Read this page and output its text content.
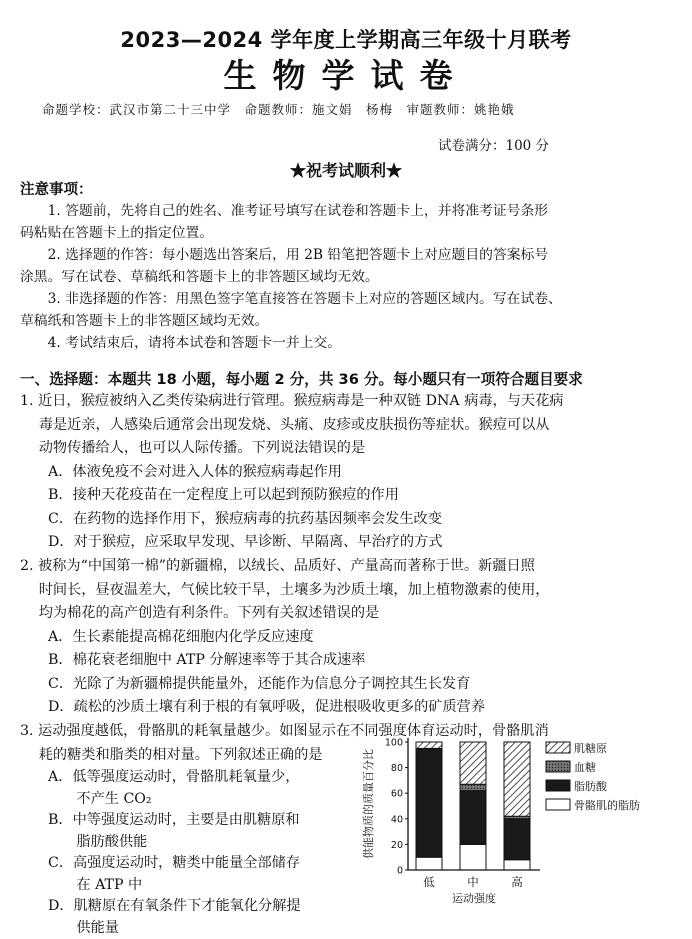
2023—2024 学年度上学期高三年级十月联考
生物学试卷
命题学校：武汉市第二十三中学　命题教师：施文娟　杨梅　审题教师：姚艳娥
试卷满分：100 分
★祝考试顺利★
注意事项：
　　1. 答题前，先将自己的姓名、准考证号填写在试卷和答题卡上，并将准考证号条形
码粘贴在答题卡上的指定位置。
　　2. 选择题的作答：每小题选出答案后，用 2B 铅笔把答题卡上对应题目的答案标号
涂黑。写在试卷、草稿纸和答题卡上的非答题区域均无效。
　　3. 非选择题的作答：用黑色签字笔直接答在答题卡上对应的答题区域内。写在试卷、
草稿纸和答题卡上的非答题区域均无效。
　　4. 考试结束后，请将本试卷和答题卡一并上交。
一、选择题：本题共 18 小题，每小题 2 分，共 36 分。每小题只有一项符合题目要求
1. 近日，猴痘被纳入乙类传染病进行管理。猴痘病毒是一种双链 DNA 病毒，与天花病
　 毒是近亲，人感染后通常会出现发烧、头痛、皮疹或皮肤损伤等症状。猴痘可以从
　 动物传播给人，也可以人际传播。下列说法错误的是
A．体液免疫不会对进入人体的猴痘病毒起作用
B．接种天花疫苗在一定程度上可以起到预防猴痘的作用
C．在药物的选择作用下，猴痘病毒的抗药基因频率会发生改变
D．对于猴痘，应采取早发现、早诊断、早隔离、早治疗的方式
2. 被称为“中国第一棉”的新疆棉，以绒长、品质好、产量高而著称于世。新疆日照
　 时间长，昼夜温差大，气候比较干旱，土壤多为沙质土壤，加上植物激素的使用，
　 均为棉花的高产创造有利条件。下列有关叙述错误的是
A．生长素能提高棉花细胞内化学反应速度
B．棉花衰老细胞中 ATP 分解速率等于其合成速率
C．光除了为新疆棉提供能量外，还能作为信息分子调控其生长发育
D．疏松的沙质土壤有利于根的有氧呼吸，促进根吸收更多的矿质营养
3. 运动强度越低，骨骼肌的耗氧量越少。如图显示在不同强度体育运动时，骨骼肌消
　 耗的糖类和脂类的相对量。下列叙述正确的是
A．低等强度运动时，骨骼肌耗氧量少，
　　不产生 CO₂
B．中等强度运动时，主要是由肌糖原和
　　脂肪酸供能
C．高强度运动时，糖类中能量全部储存
　　在 ATP 中
D．肌糖原在有氧条件下才能氧化分解提
　　供能量
0
20
40
60
80
100
低	中	高
运动强度
供能物质的质量百分比
肌糖原
血糖
脂肪酸
骨骼肌的脂肪
